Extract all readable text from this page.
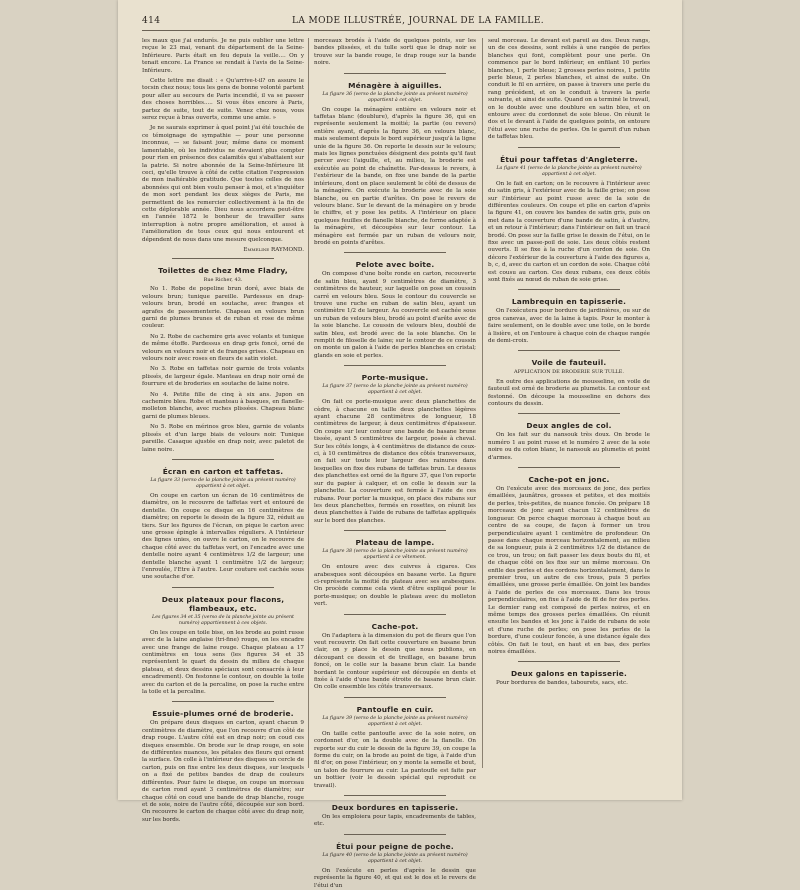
414	LA MODE ILLUSTRÉE, JOURNAL DE LA FAMILLE.

les maux que j'ai endurés. Je ne puis oublier une lettre reçue le 23 mai, venant du département de la Seine-Inférieure. Paris était en feu depuis la veille.... On y tenait encore. La France se rendait à l'avis de la Seine-Inférieure.

Cette lettre me disait : « Qu'arrive-t-il? on assure le tocsin chez nous; tous les gens de bonne volonté partent pour aller au secours de Paris incendié, il va se passer des choses horribles..... Si vous êtes encore à Paris, partez de suite, tout de suite. Venez chez nous, vous serez reçue à bras ouverts, comme une amie. »

Je ne saurais exprimer à quel point j'ai été touchée de ce témoignage de sympathie — pour une personne inconnue, — se faisant jour, même dans ce moment lamentable, où les individus ne devaient plus compter pour rien en présence des calamités qui s'abattaient sur la patrie. Si notre abonnée de la Seine-Inférieure lit ceci, qu'elle trouve à côté de cette citation l'expression de mon inaltérable gratitude. Que toutes celles de nos abonnées qui ont bien voulu penser à moi, et s'inquiéter de mon sort pendant les deux sièges de Paris, me permettent de les remercier collectivement à la fin de cette déplorable année. Dieu nous accordera peut-être en l'année 1872 le bonheur de travailler sans interruption à notre propre amélioration, et aussi à l'amélioration de tous ceux qui nous entourent et dépendent de nous dans une mesure quelconque.

Emmeline RAYMOND.
Toilettes de chez Mme Fladry,
Rue Richer, 43.

No 1. Robe de popeline brun doré, avec biais de velours brun; tunique pareille. Pardessus en drap-velours brun, brodé en soutache, avec franges et agrafes de passementerie. Chapeau en velours brun garni de plumes brunes et de ruban et rose de même couleur.

No 2. Robe de cachemire gris avec volants et tunique de même étoffe. Pardessus en drap gris foncé, orné de velours en velours noir et de franges grises. Chapeau en velours noir avec roses en fleurs de satin violet.

No 3. Robe en taffetas noir garnie de trois volants plissés, de largeur égale. Manteau en drap noir orné de fourrure et de broderies en soutache de laine noire.

No 4. Petite fille de cinq à six ans. Jupon en cachemire bleu. Robe et manteau à basques, en flanelle-molleton blanche, avec ruches plissées. Chapeau blanc garni de plumes bleues.

No 5. Robe en mérinos gros bleu, garnie de volants plissés et d'un large biais de velours noir. Tunique pareille. Casaque ajustée en drap noir, avec paletot de laine noire.

Écran en carton et taffetas.
La figure 33 (verso de la planche jointe au présent numéro) appartient à cet objet.

On coupe en carton un écran de 16 centimètres de diamètre, on le recouvre de taffetas vert et entouré de dentelle. On coupe ce disque en 16 centimètres de diamètre; on reporte le dessin de la figure 32, réduit au tiers. Sur les figures de l'écran, on pique le carton avec une grosse épingle à intervalles réguliers. A l'intérieur des lignes unies, on ouvre le carton, on le recouvre de chaque côté avec du taffetas vert, on l'encadre avec une dentelle noire ayant 4 centimètres 1/2 de largeur; une dentelle blanche ayant 1 centimètre 1/2 de largeur; l'enroulée, l'Etre à l'autre. Leur couture est cachée sous une soutache d'or.

Deux plateaux pour flacons, flambeaux, etc.
Les figures 34 et 35 (verso de la planche jointe au présent numéro) appartiennent à ces objets.

On les coupe en toile bise, on les brode au point russe avec de la laine anglaise (tri-fine) rouge, on les encadre avec une frange de laine rouge. Chaque plateau a 17 centimètres en tous sens (les figures 34 et 35 représentent le quart du dessin du milieu de chaque plateau, et deux dessins spéciaux sont consacrés à leur encadrement). On festonne le contour, on double la toile avec du carton et de la percaline, on pose la ruche entre la toile et la percaline.

Essuie-plumes orné de broderie.

On prépare deux disques en carton, ayant chacun 9 centimètres de diamètre, que l'on recouvre d'un côté de drap rouge. L'autre côté est en drap noir; on coud ces disques ensemble. On brode sur le drap rouge, en soie de différentes nuances, les pétales des fleurs qui ornent la surface. On colle à l'intérieur des disques un cercle de carton, puis on fixe entre les deux disques, sur lesquels on a fixé de petites bandes de drap de couleurs différentes. Pour faire le disque, on coupe un morceau de carton rond ayant 3 centimètres de diamètre; sur chaque côté on coud une bande de drap blanche, rouge et de soie, noire de l'autre côté, découpée sur son bord. On recouvre le carton de chaque côté avec du drap noir, sur les bords.

morceaux brodés à l'aide de quelques points, sur les bandes plissées, et du tulle sorti que le drap noir se trouve sur la bande rouge, le drap rouge sur la bande noire.

Ménagère à aiguilles.
La figure 36 (verso de la planche jointe au présent numéro) appartient à cet objet.

On coupe la ménagère entière en velours noir et taffetas blanc (doublure), d'après la figure 36, qui en représente seulement la moitié; la partie (ou revers) entière ayant, d'après la figure 36, en velours blanc, mais seulement depuis le bord supérieur jusqu'à la ligne unie de la figure 36. On reporte le dessin sur le velours; mais les lignes ponctuées désignent des points qu'il faut percer avec l'aiguille, et, au milieu, la broderie est exécutée au point de chaînette. Par-dessus le revers, à l'extérieur de la bande, on fixe une bande de la partie intérieure, dont on place seulement le côté de dessus de la ménagère. On exécute la broderie avec de la soie blanche, ou en partie d'arêtes. On pose le revers de velours blanc. Sur le devant de la ménagère on y brode le chiffre, et y pose les petits. A l'intérieur on place quelques feuilles de flanelle blanche, de forme adaptée à la ménagère, et découpées sur leur contour. La ménagère est fermée par un ruban de velours noir, brodé en points d'arêtes.

Pelote avec boîte.

On compose d'une boîte ronde en carton, recouverte de satin bleu, ayant 9 centimètres de diamètre, 3 centimètres de hauteur, sur laquelle on pose un coussin carré en velours bleu. Sous le contour du couvercle se trouve une ruche en ruban de satin bleu, ayant un centimètre 1/2 de largeur. Au couvercle est cachée sous un ruban de velours bleu, brodé au point d'arête avec de la soie blanche. Le coussin de velours bleu, doublé de satin bleu, est brodé avec de la soie blanche. On le remplit de filoselle de laine; sur le contour de ce coussin on monte un galon à l'aide de perles blanches en cristal; glands en soie et perles.

Porte-musique.
La figure 37 (verso de la planche jointe au présent numéro) appartient à cet objet.

On fait ce porte-musique avec deux planchettes de cèdre, à chacune on taille deux planchettes légères ayant chacune 28 centimètres de longueur, 18 centimètres de largeur, à deux centimètres d'épaisseur. On coupe sur leur contour une bande de basane brune tissée, ayant 5 centimètres de largeur, posée à cheval. Sur les côtés longs, à 4 centimètres de distance de ceux-ci, à 10 centimètres de distance des côtés transversaux, on fait sur toute leur largeur des rainures dans lesquelles on fixe des rubans de taffetas brun. Le dessus des planchettes est orné de la figure 37, que l'on reporte sur du papier à calquer, et on colle le dessin sur la planchette. La couverture est fermée à l'aide de ces rubans. Pour porter la musique, on place des rubans sur les deux planchettes, fermés en rosettes, on réunit les deux planchettes à l'aide de rubans de taffetas appliqués sur le bord des planches.

Plateau de lampe.
La figure 38 (verso de la planche jointe au présent numéro) appartient à ce vêtement.

On entoure avec des cuivres à cigares. Ces arabesques sont découpées en basane verte. La figure ci-représente la moitié du plateau avec ses arabesques. On procède comme cela vient d'être expliqué pour le porte-musique; on double le plateau avec du molleton vert.

Cache-pot.

On l'adaptera à la dimension du pot de fleurs que l'on veut recouvrir. On fait cette couverture en basane brun clair, on y place le dessin que nous publions, en découpant ce dessin et de treillage, en basane brun foncé, on le colle sur la basane brun clair. La bande bordant le contour supérieur est découpée en dents et fixée à l'aide d'une bande étroite de basane brun clair. On colle ensemble les côtés transversaux.

Pantoufle en cuir.
La figure 39 (verso de la planche jointe au présent numéro) appartient à cet objet.

On taille cette pantoufle avec de la soie noire, on cordonnet d'or, on la double avec de la flanelle. On reporte sur du cuir le dessin de la figure 39, on coupe la forme du cuir, on la brode au point de tige, à l'aide d'un fil d'or, on pose l'intérieur, on y monte la semelle et bout, un talon de fourrure au cuir. La pantoufle est faite par un bottier (voir le dessin spécial qui reproduit ce travail).

Deux bordures en tapisserie.

On les emploiera pour tapis, encadrements de tables, etc.

Étui pour peigne de poche.
La figure 40 (verso de la planche jointe au présent numéro) appartient à cet objet.

On l'exécute en perles d'après le dessin que représente la figure 40, et qui est le dos et le revers de l'étui d'un

seul morceau. Le devant est pareil au dos. Deux rangs, un de ces dessins, sont reliés à une rangée de perles blanches qui font, complètent pour une perle. On commence par le bord inférieur, en enfilant 10 perles blanches, 1 perle bleue; 2 grosses perles noires, 1 petite perle bleue, 2 perles blanches, et ainsi de suite. On conduit le fil en arrière, on passe à travers une perle du rang précédent, et on le conduit à travers la perle suivante, et ainsi de suite. Quand on a terminé le travail, on le double avec une doublure en satin bleu, et on entoure avec du cordonnet de soie bleue. On réunit le dos et le devant à l'aide de quelques points, on entoure l'étui avec une ruche de perles. On le garnit d'un ruban de taffetas bleu.

Étui pour taffetas d'Angleterre.
La figure 41 (verso de la planche jointe au présent numéro) appartient à cet objet.

On le fait en carton; on le recouvre à l'intérieur avec du satin gris, à l'extérieur avec de la faille grise; on pose sur l'intérieur au point russe avec de la soie de différentes couleurs. On coupe et plie en carton d'après la figure 41, on couvre les bandes de satin gris, puis on met dans la couverture d'une bande de satin, à d'autre, et un retour à l'intérieur; dans l'intérieur on fait un tracé brodé. On pose sur la faille grise le dessin de l'étui, on le fixe avec un passe-poil de soie. Les deux côtés restent ouverts. Il se fixe à la ruche d'un cordon de soie. On décore l'extérieur de la couverture à l'aide des figures a, b, c, d, avec du carton et un cordon de soie. Chaque côté est cousu au carton. Ces deux rubans, ces deux côtés sont fixés au nœud de ruban de soie grise.

Lambrequin en tapisserie.

On l'exécutera pour bordure de jardinières, ou sur de gros canevas, avec de la laine à tapis. Pour le monter à faire seulement, on le double avec une toile, on le borde à lisière, et on l'entoure à chaque coin de chaque rangée de demi-croix.

Voile de fauteuil.
APPLICATION DE BRODERIE SUR TULLE.

En outre des applications de mousseline, on voile de fauteuil est orné de broderie au plumetis. Le contour est festonné. On découpe la mousseline en dehors des contours du dessin.

Deux angles de col.

On les fait sur du nansouk très doux. On brode le numéro 1 au point russe et le numéro 2 avec de la soie noire ou du coton blanc, le nansouk au plumetis et point d'armes.

Cache-pot en jonc.

On l'exécute avec des morceaux de jonc, des perles émaillées, jaunâtres, grosses et petites, et des moitiés de perles, très-petites, de nuance foncée. On prépare 18 morceaux de jonc ayant chacun 12 centimètres de longueur. On perce chaque morceau à chaque bout au centre de sa coupe, de façon à former un trou perpendiculaire ayant 1 centimètre de profondeur. On passe dans chaque morceau horizontalement, au milieu de sa longueur, puis à 2 centimètres 1/2 de distance de ce trou, un trou; on fait passer les deux bouts du fil, et de chaque côté on les fixe sur un même morceau. On enfile des perles et des cordons horizontalement, dans le premier trou, un autre de ces trous, puis 5 perles émaillées, une grosse perle émaillée. On joint les bandes à l'aide de perles de ces morceaux. Dans les trous perpendiculaires, on fixe à l'aide de fil de fer des perles. Le dernier rang est composé de perles noires, et en même temps des grosses perles émaillées. On réunit ensuite les bandes et les jonc à l'aide de rubans de soie et d'une ruche de perles; on pose les perles de la bordure, d'une couleur foncée, à une distance égale des côtés. On fait le tout, en haut et en bas, des perles noires émaillées.

Deux galons en tapisserie.

Pour bordures de bandes, tabourets, sacs, etc.
